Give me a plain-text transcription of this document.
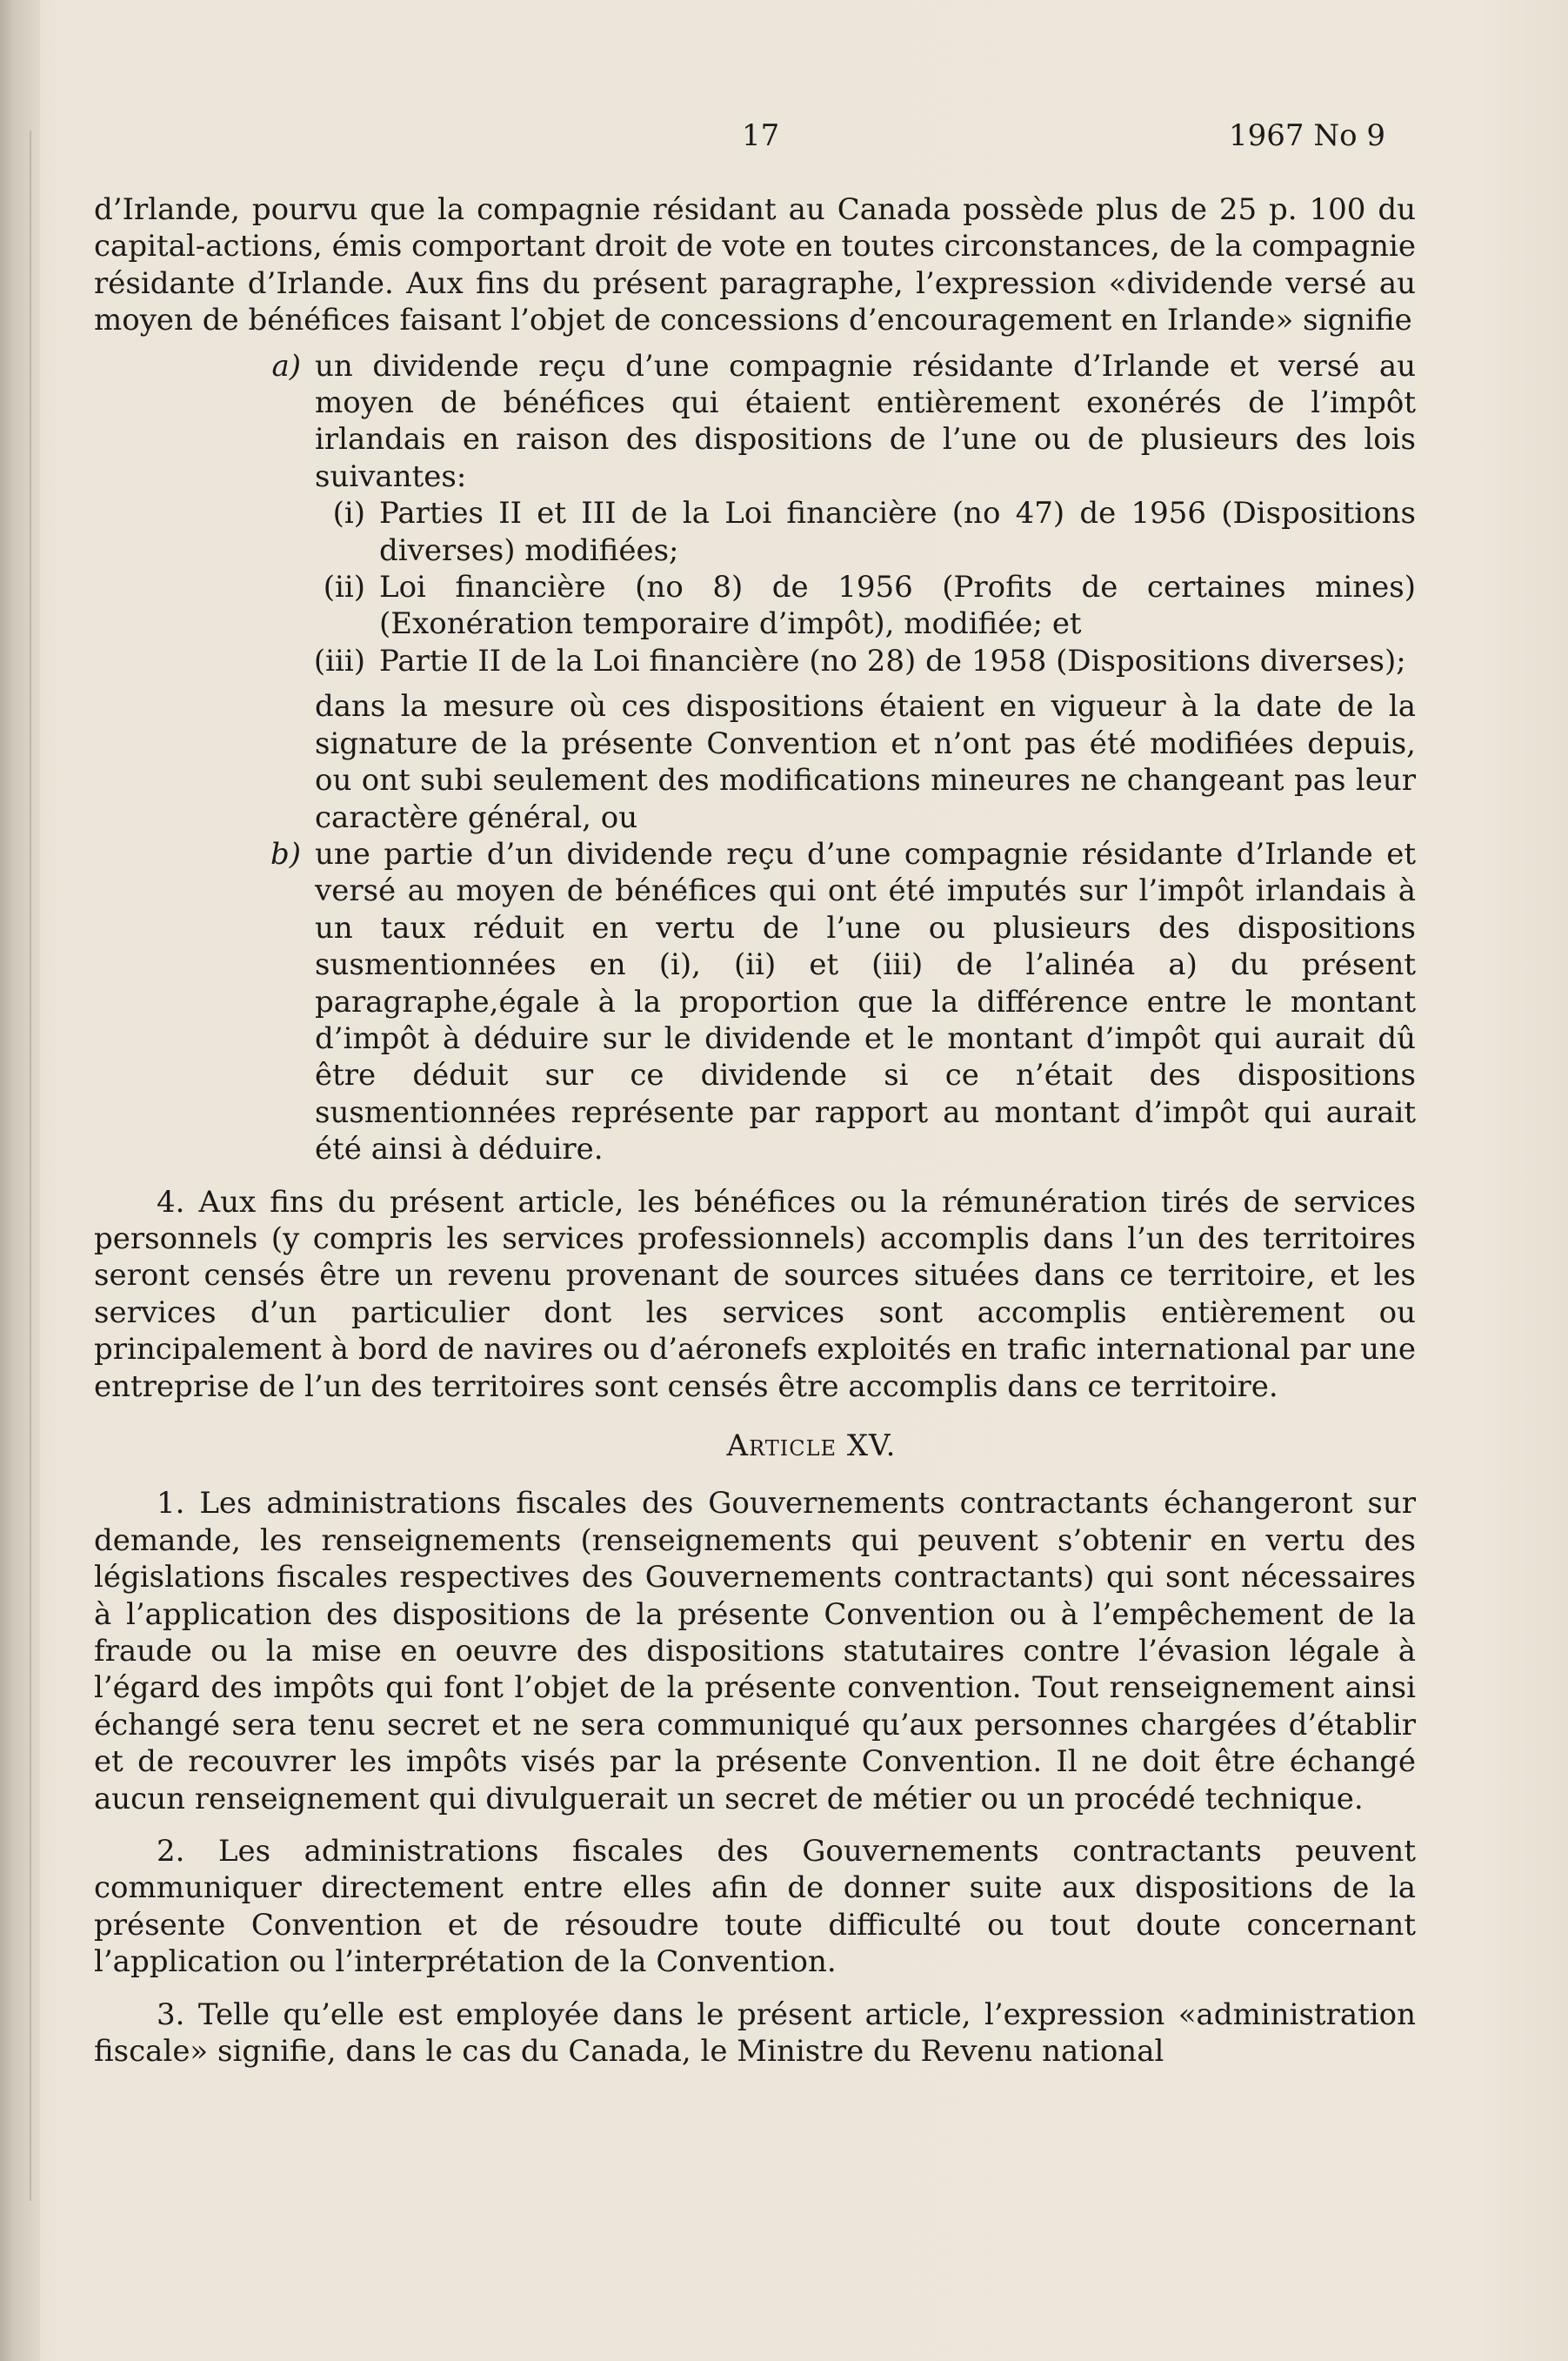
17	1967 No 9

d’Irlande, pourvu que la compagnie résidant au Canada possède plus de 25 p. 100 du capital-actions, émis comportant droit de vote en toutes circonstances, de la compagnie résidante d’Irlande. Aux fins du présent paragraphe, l’expression «dividende versé au moyen de bénéfices faisant l’objet de concessions d’encouragement en Irlande» signifie

a) un dividende reçu d’une compagnie résidante d’Irlande et versé au moyen de bénéfices qui étaient entièrement exonérés de l’impôt irlandais en raison des dispositions de l’une ou de plusieurs des lois suivantes:
(i) Parties II et III de la Loi financière (no 47) de 1956 (Dispositions diverses) modifiées;
(ii) Loi financière (no 8) de 1956 (Profits de certaines mines) (Exonération temporaire d’impôt), modifiée; et
(iii) Partie II de la Loi financière (no 28) de 1958 (Dispositions diverses);

dans la mesure où ces dispositions étaient en vigueur à la date de la signature de la présente Convention et n’ont pas été modifiées depuis, ou ont subi seulement des modifications mineures ne changeant pas leur caractère général, ou

b) une partie d’un dividende reçu d’une compagnie résidante d’Irlande et versé au moyen de bénéfices qui ont été imputés sur l’impôt irlandais à un taux réduit en vertu de l’une ou plusieurs des dispositions susmentionnées en (i), (ii) et (iii) de l’alinéa a) du présent paragraphe,égale à la proportion que la différence entre le montant d’impôt à déduire sur le dividende et le montant d’impôt qui aurait dû être déduit sur ce dividende si ce n’était des dispositions susmentionnées représente par rapport au montant d’impôt qui aurait été ainsi à déduire.

4. Aux fins du présent article, les bénéfices ou la rémunération tirés de services personnels (y compris les services professionnels) accomplis dans l’un des territoires seront censés être un revenu provenant de sources situées dans ce territoire, et les services d’un particulier dont les services sont accomplis entièrement ou principalement à bord de navires ou d’aéronefs exploités en trafic international par une entreprise de l’un des territoires sont censés être accomplis dans ce territoire.

Article XV.

1. Les administrations fiscales des Gouvernements contractants échangeront sur demande, les renseignements (renseignements qui peuvent s’obtenir en vertu des législations fiscales respectives des Gouvernements contractants) qui sont nécessaires à l’application des dispositions de la présente Convention ou à l’empêchement de la fraude ou la mise en oeuvre des dispositions statutaires contre l’évasion légale à l’égard des impôts qui font l’objet de la présente convention. Tout renseignement ainsi échangé sera tenu secret et ne sera communiqué qu’aux personnes chargées d’établir et de recouvrer les impôts visés par la présente Convention. Il ne doit être échangé aucun renseignement qui divulguerait un secret de métier ou un procédé technique.

2. Les administrations fiscales des Gouvernements contractants peuvent communiquer directement entre elles afin de donner suite aux dispositions de la présente Convention et de résoudre toute difficulté ou tout doute concernant l’application ou l’interprétation de la Convention.

3. Telle qu’elle est employée dans le présent article, l’expression «administration fiscale» signifie, dans le cas du Canada, le Ministre du Revenu national
